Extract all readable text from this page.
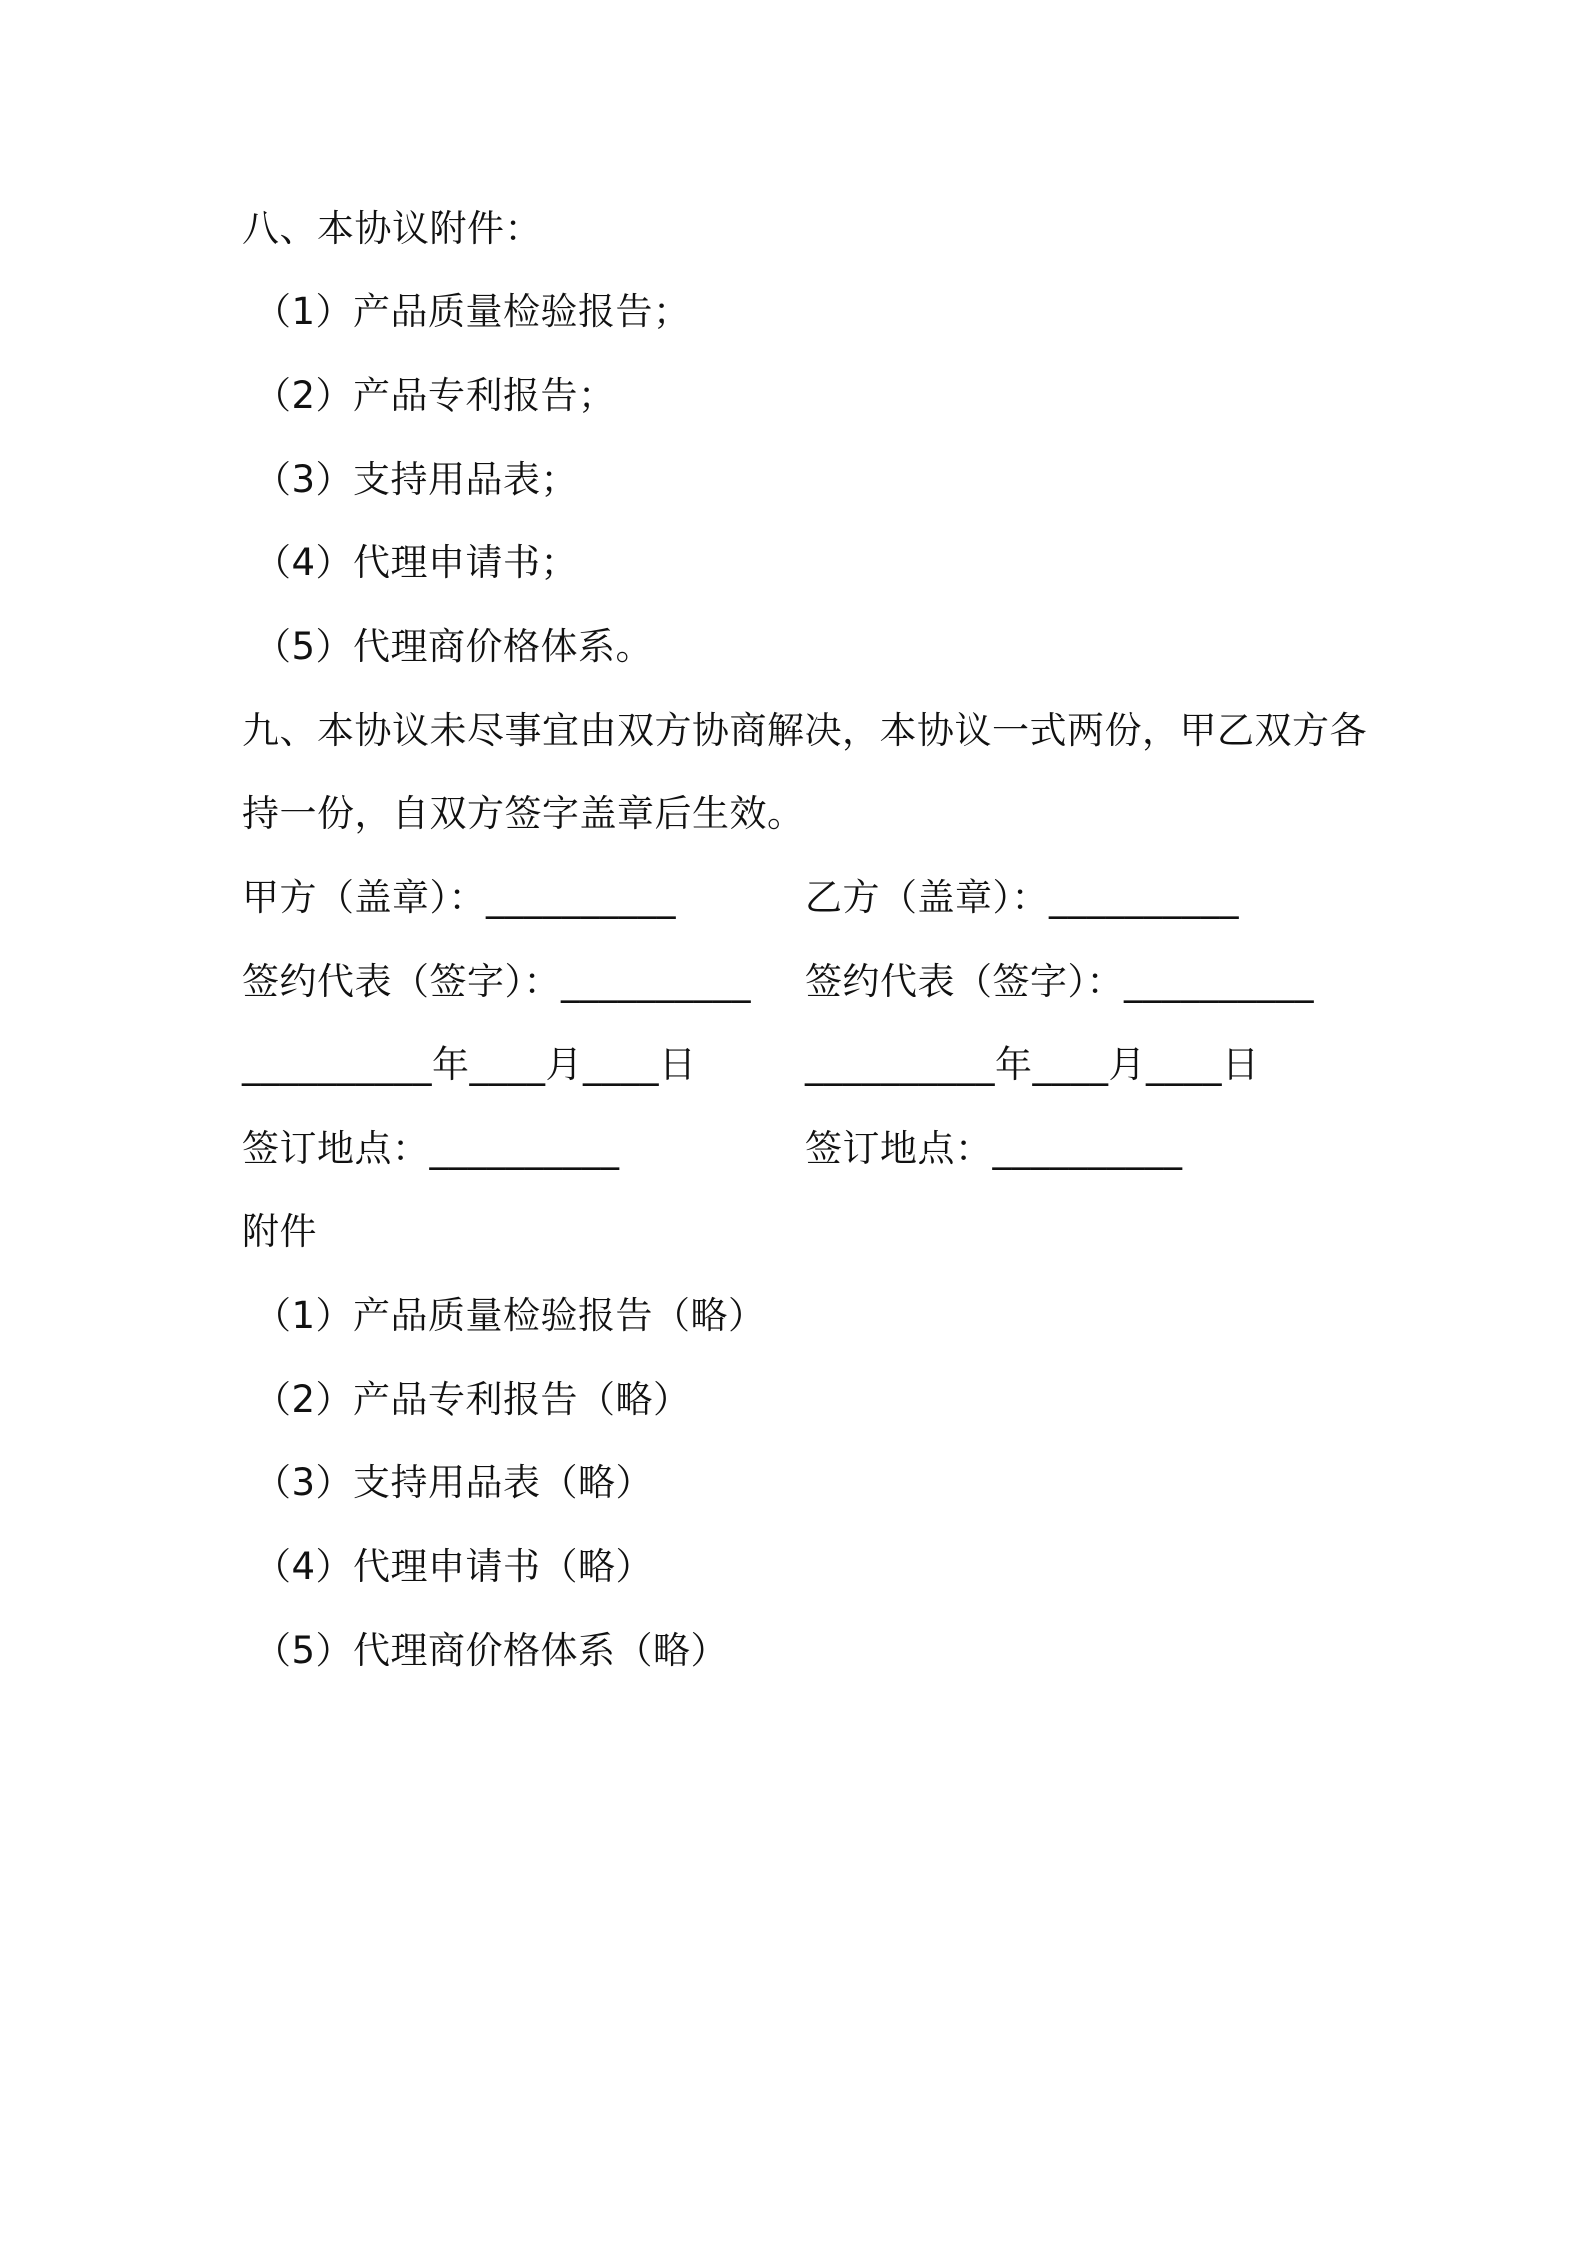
八、本协议附件：
（1）产品质量检验报告；
（2）产品专利报告；
（3）支持用品表；
（4）代理申请书；
（5）代理商价格体系。
九、本协议未尽事宜由双方协商解决，本协议一式两份，甲乙双方各
持一份，自双方签字盖章后生效。
甲方（盖章）：__________	乙方（盖章）：__________
签约代表（签字）：__________ 签约代表（签字）：__________
__________年____月____日	__________年____月____日
签订地点：__________	签订地点：__________
附件
（1）产品质量检验报告（略）
（2）产品专利报告（略）
（3）支持用品表（略）
（4）代理申请书（略）
（5）代理商价格体系（略）
